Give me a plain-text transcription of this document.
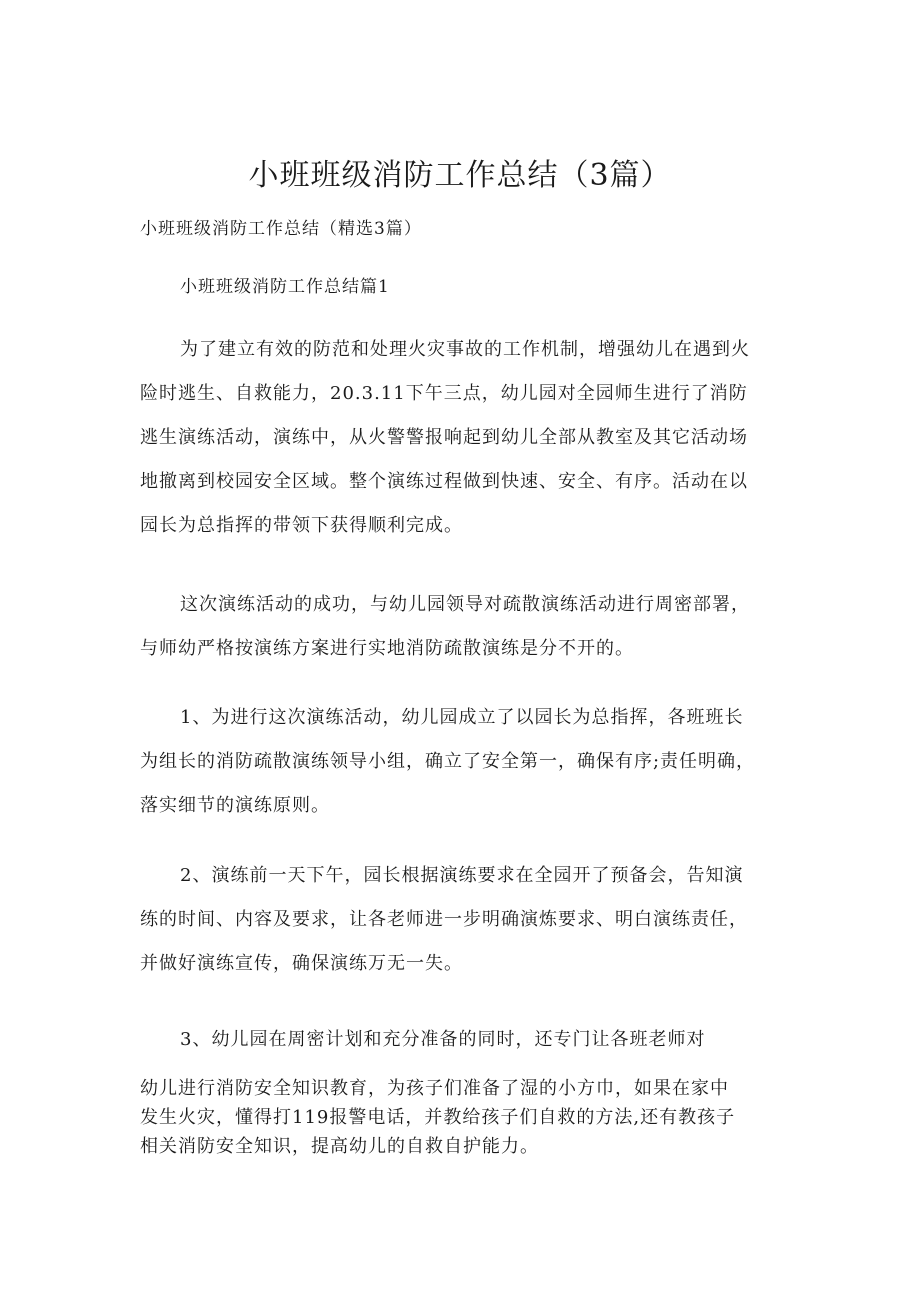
小班班级消防工作总结（3篇）

小班班级消防工作总结（精选3篇）

小班班级消防工作总结篇1

为了建立有效的防范和处理火灾事故的工作机制，增强幼儿在遇到火
险时逃生、自救能力，20.3.11下午三点，幼儿园对全园师生进行了消防
逃生演练活动，演练中，从火警警报响起到幼儿全部从教室及其它活动场
地撤离到校园安全区域。整个演练过程做到快速、安全、有序。活动在以
园长为总指挥的带领下获得顺利完成。

这次演练活动的成功，与幼儿园领导对疏散演练活动进行周密部署，
与师幼严格按演练方案进行实地消防疏散演练是分不开的。

1、为进行这次演练活动，幼儿园成立了以园长为总指挥，各班班长
为组长的消防疏散演练领导小组，确立了安全第一，确保有序;责任明确，
落实细节的演练原则。

2、演练前一天下午，园长根据演练要求在全园开了预备会，告知演
练的时间、内容及要求，让各老师进一步明确演炼要求、明白演练责任，
并做好演练宣传，确保演练万无一失。

3、幼儿园在周密计划和充分准备的同时，还专门让各班老师对

幼儿进行消防安全知识教育，为孩子们准备了湿的小方巾，如果在家中
发生火灾，懂得打119报警电话，并教给孩子们自救的方法,还有教孩子
相关消防安全知识，提高幼儿的自救自护能力。
